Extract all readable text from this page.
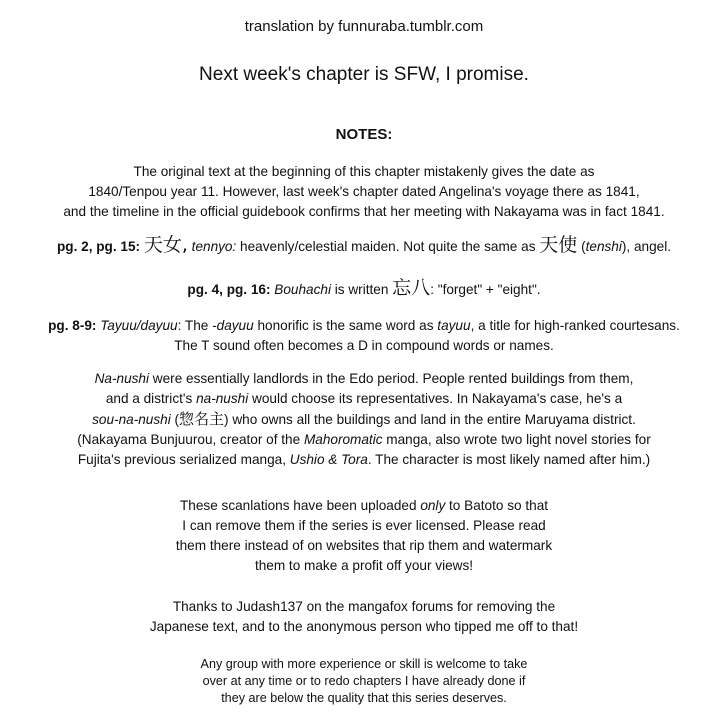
translation by funnuraba.tumblr.com
Next week's chapter is SFW, I promise.
NOTES:
The original text at the beginning of this chapter mistakenly gives the date as
1840/Tenpou year 11. However, last week's chapter dated Angelina's voyage there as 1841,
and the timeline in the official guidebook confirms that her meeting with Nakayama was in fact 1841.
pg. 2, pg. 15: 天女, tennyo: heavenly/celestial maiden. Not quite the same as 天使 (tenshi), angel.
pg. 4, pg. 16: Bouhachi is written 忘八: "forget" + "eight".
pg. 8-9: Tayuu/dayuu: The -dayuu honorific is the same word as tayuu, a title for high-ranked courtesans.
The T sound often becomes a D in compound words or names.
Na-nushi were essentially landlords in the Edo period. People rented buildings from them,
and a district's na-nushi would choose its representatives. In Nakayama's case, he's a
sou-na-nushi (惣名主) who owns all the buildings and land in the entire Maruyama district.
(Nakayama Bunjuurou, creator of the Mahoromatic manga, also wrote two light novel stories for
Fujita's previous serialized manga, Ushio & Tora. The character is most likely named after him.)
These scanlations have been uploaded only to Batoto so that
I can remove them if the series is ever licensed. Please read
them there instead of on websites that rip them and watermark
them to make a profit off your views!
Thanks to Judash137 on the mangafox forums for removing the
Japanese text, and to the anonymous person who tipped me off to that!
Any group with more experience or skill is welcome to take
over at any time or to redo chapters I have already done if
they are below the quality that this series deserves.
